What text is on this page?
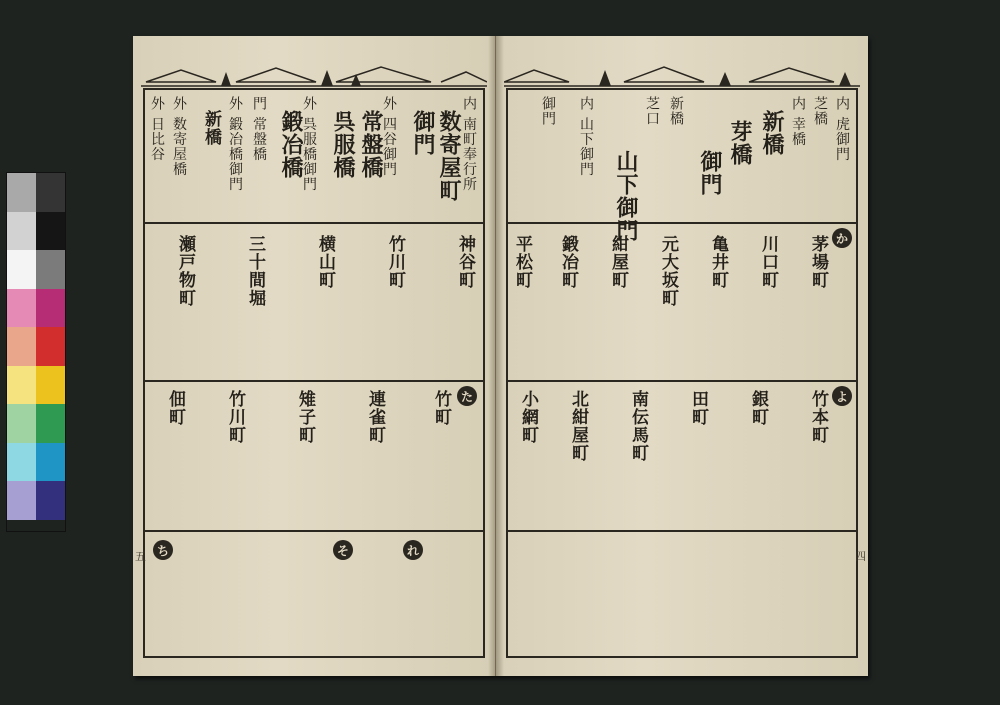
内 南町奉行所
数寄屋町
御門
外 四谷御門
常盤橋
呉服橋
外 呉服橋御門
鍛冶橋
門 常盤橋
外 鍛冶橋御門
新橋
外 数寄屋橋
外 日比谷
神谷町
竹川町
横山町
三十間堀
瀬戸物町
た
竹町
連雀町
雉子町
竹川町
佃町
れ
そ
ち
五
内 虎御門
芝橋
内 幸橋
新橋
芽橋
御門
新橋
芝口
山下御門
内 山下御門
御門
か
茅場町
川口町
亀井町
元大坂町
紺屋町
鍛冶町
平松町
よ
竹本町
銀町
田町
南伝馬町
北紺屋町
小網町
四
